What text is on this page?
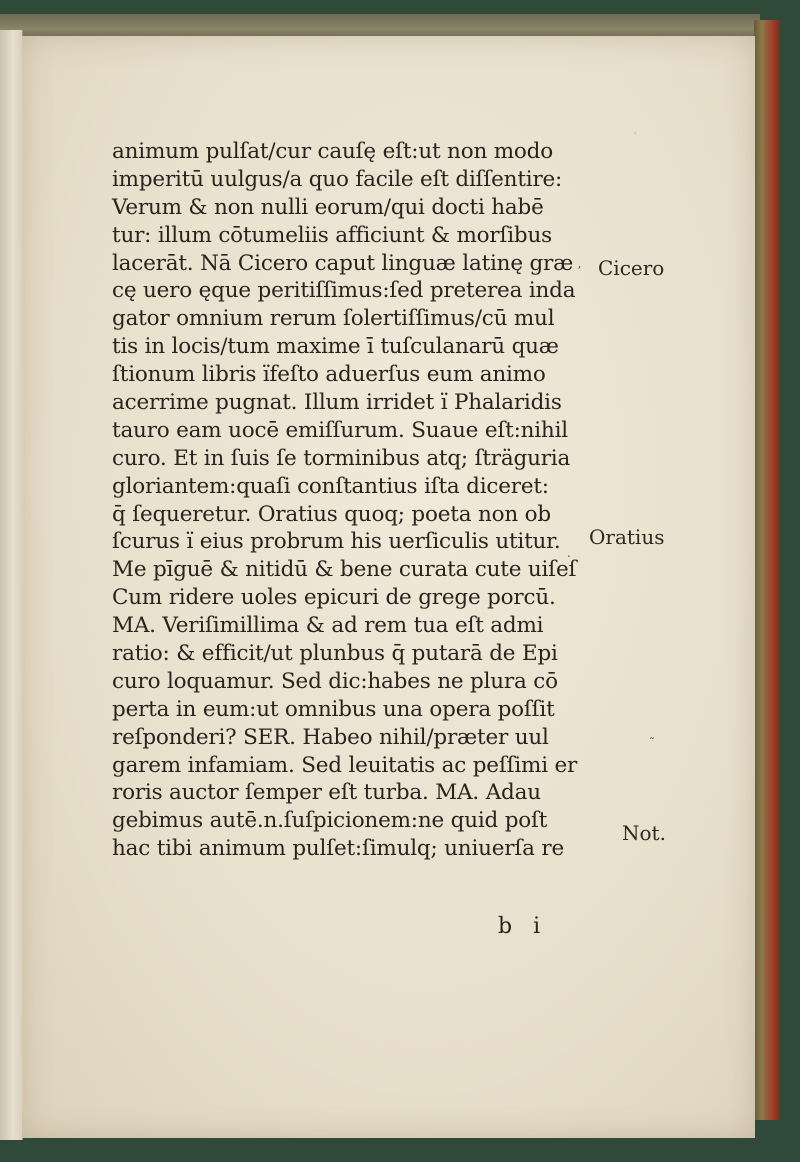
·
animum pulſat/cur cauſę eſt:ut non modo
imperitū uulgus/a quo facile eſt diſſentire:
Verum & non nulli eorum/qui docti habē
tur: illum cōtumeliis afficiunt & morſibus
lacerāt. Nā Cicero caput linguæ latinę græ
cę uero ęque peritiſſimus:ſed preterea inda
gator omnium rerum ſolertiſſimus/cū mul
tis in locis/tum maxime ī tuſculanarū quæ
ſtionum libris ïfeſto aduerſus eum animo
acerrime pugnat. Illum irridet ï Phalaridis
tauro eam uocē emiſſurum. Suaue eſt:nihil
curo. Et in ſuis ſe torminibus atq; ſträguria
gloriantem:quaſi conſtantius iſta diceret:
q̄ ſequeretur. Oratius quoq; poeta non ob
ſcurus ï eius probrum his uerſiculis utitur.
Me pīguē & nitidū & bene curata cute uiſeſ
Cum ridere uoles epicuri de grege porcū.
MA. Veriſimillima & ad rem tua eſt admi
ratio: & efficit/ut plunbus q̄ putarā de Epi
curo loquamur. Sed dic:habes ne plura cō
perta in eum:ut omnibus una opera poſſit
reſponderi? SER. Habeo nihil/præter uul
garem infamiam. Sed leuitatis ac peſſimi er
roris auctor ſemper eſt turba. MA. Adau
gebimus autē.n.ſuſpicionem:ne quid poſt
hac tibi animum pulſet:ſimulq; uniuerſa re
b i
Cicero
Oratius
Not.
ʼ
.
˜
